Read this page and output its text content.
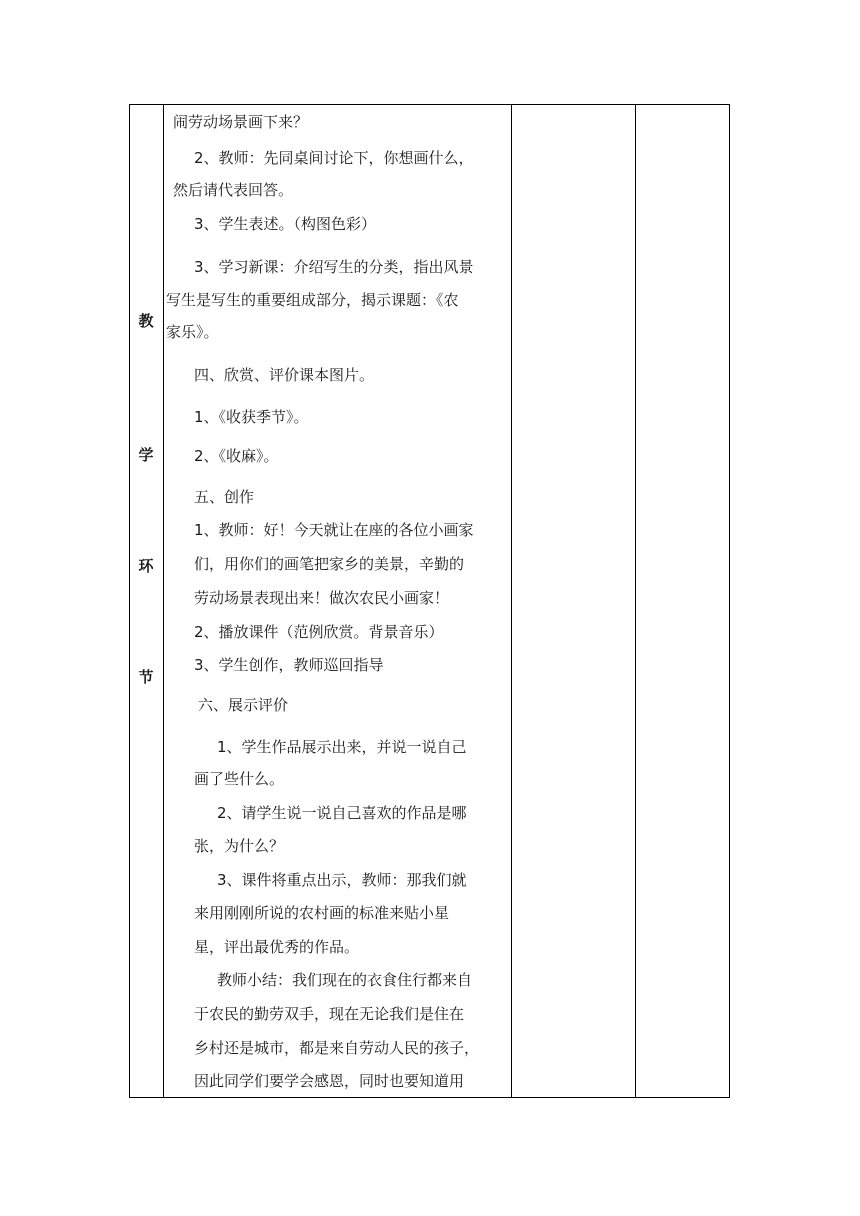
教
学
环
节
闹劳动场景画下来？
2、教师：先同桌间讨论下，你想画什么，
然后请代表回答。
3、学生表述。（构图色彩）
3、学习新课：介绍写生的分类，指出风景
写生是写生的重要组成部分，揭示课题：《农
家乐》。
四、欣赏、评价课本图片。
1、《收获季节》。
2、《收麻》。
五、创作
1、教师：好！今天就让在座的各位小画家
们，用你们的画笔把家乡的美景，辛勤的
劳动场景表现出来！做次农民小画家！
2、播放课件（范例欣赏。背景音乐）
3、学生创作，教师巡回指导
六、展示评价
1、学生作品展示出来，并说一说自己
画了些什么。
2、请学生说一说自己喜欢的作品是哪
张，为什么？
3、课件将重点出示，教师：那我们就
来用刚刚所说的农村画的标准来贴小星
星，评出最优秀的作品。
教师小结：我们现在的衣食住行都来自
于农民的勤劳双手，现在无论我们是住在
乡村还是城市，都是来自劳动人民的孩子，
因此同学们要学会感恩，同时也要知道用
